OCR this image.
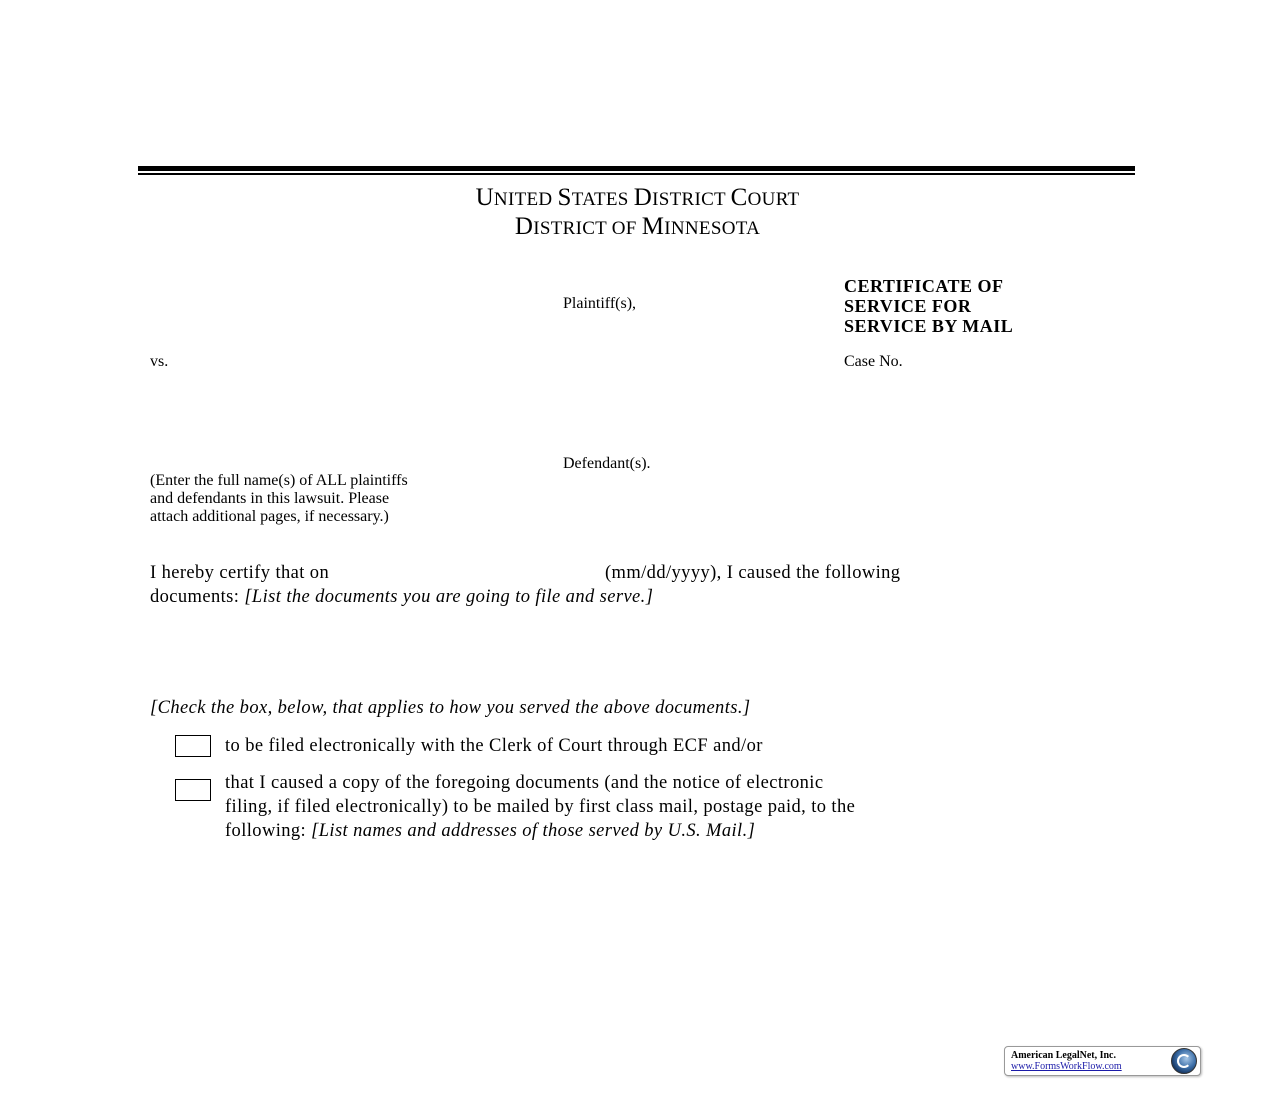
UNITED STATES DISTRICT COURT
DISTRICT OF MINNESOTA
Plaintiff(s),
CERTIFICATE OF
SERVICE FOR
SERVICE BY MAIL
vs.	Case No.
Defendant(s).
(Enter the full name(s) of ALL plaintiffs
and defendants in this lawsuit. Please
attach additional pages, if necessary.)
I hereby certify that on	(mm/dd/yyyy), I caused the following
documents: [List the documents you are going to file and serve.]
[Check the box, below, that applies to how you served the above documents.]
to be filed electronically with the Clerk of Court through ECF and/or
that I caused a copy of the foregoing documents (and the notice of electronic
filing, if filed electronically) to be mailed by first class mail, postage paid, to the
following: [List names and addresses of those served by U.S. Mail.]
American LegalNet, Inc.
www.FormsWorkFlow.com
